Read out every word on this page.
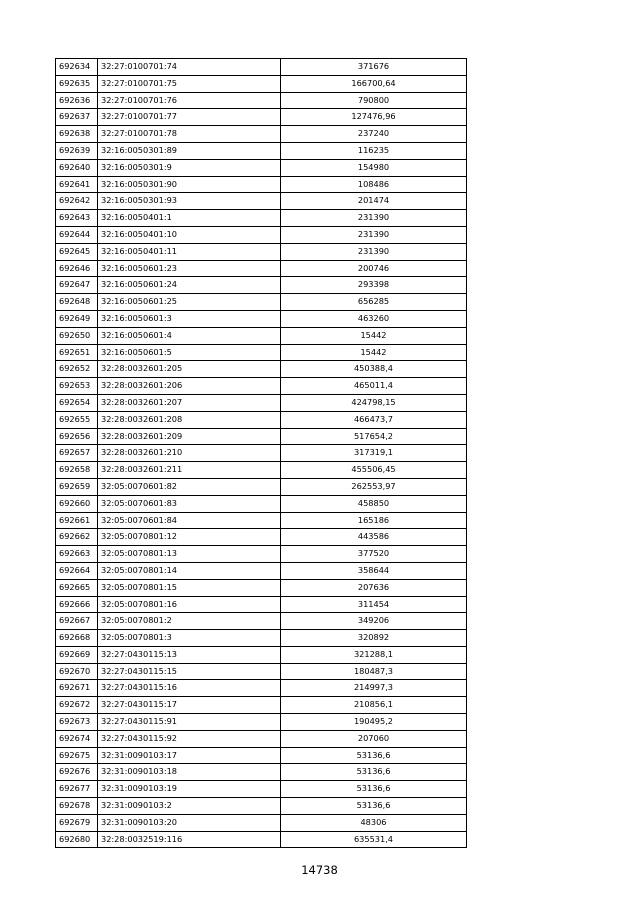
692634	32:27:0100701:74	371676
692635	32:27:0100701:75	166700,64
692636	32:27:0100701:76	790800
692637	32:27:0100701:77	127476,96
692638	32:27:0100701:78	237240
692639	32:16:0050301:89	116235
692640	32:16:0050301:9	154980
692641	32:16:0050301:90	108486
692642	32:16:0050301:93	201474
692643	32:16:0050401:1	231390
692644	32:16:0050401:10	231390
692645	32:16:0050401:11	231390
692646	32:16:0050601:23	200746
692647	32:16:0050601:24	293398
692648	32:16:0050601:25	656285
692649	32:16:0050601:3	463260
692650	32:16:0050601:4	15442
692651	32:16:0050601:5	15442
692652	32:28:0032601:205	450388,4
692653	32:28:0032601:206	465011,4
692654	32:28:0032601:207	424798,15
692655	32:28:0032601:208	466473,7
692656	32:28:0032601:209	517654,2
692657	32:28:0032601:210	317319,1
692658	32:28:0032601:211	455506,45
692659	32:05:0070601:82	262553,97
692660	32:05:0070601:83	458850
692661	32:05:0070601:84	165186
692662	32:05:0070801:12	443586
692663	32:05:0070801:13	377520
692664	32:05:0070801:14	358644
692665	32:05:0070801:15	207636
692666	32:05:0070801:16	311454
692667	32:05:0070801:2	349206
692668	32:05:0070801:3	320892
692669	32:27:0430115:13	321288,1
692670	32:27:0430115:15	180487,3
692671	32:27:0430115:16	214997,3
692672	32:27:0430115:17	210856,1
692673	32:27:0430115:91	190495,2
692674	32:27:0430115:92	207060
692675	32:31:0090103:17	53136,6
692676	32:31:0090103:18	53136,6
692677	32:31:0090103:19	53136,6
692678	32:31:0090103:2	53136,6
692679	32:31:0090103:20	48306
692680	32:28:0032519:116	635531,4
14738
